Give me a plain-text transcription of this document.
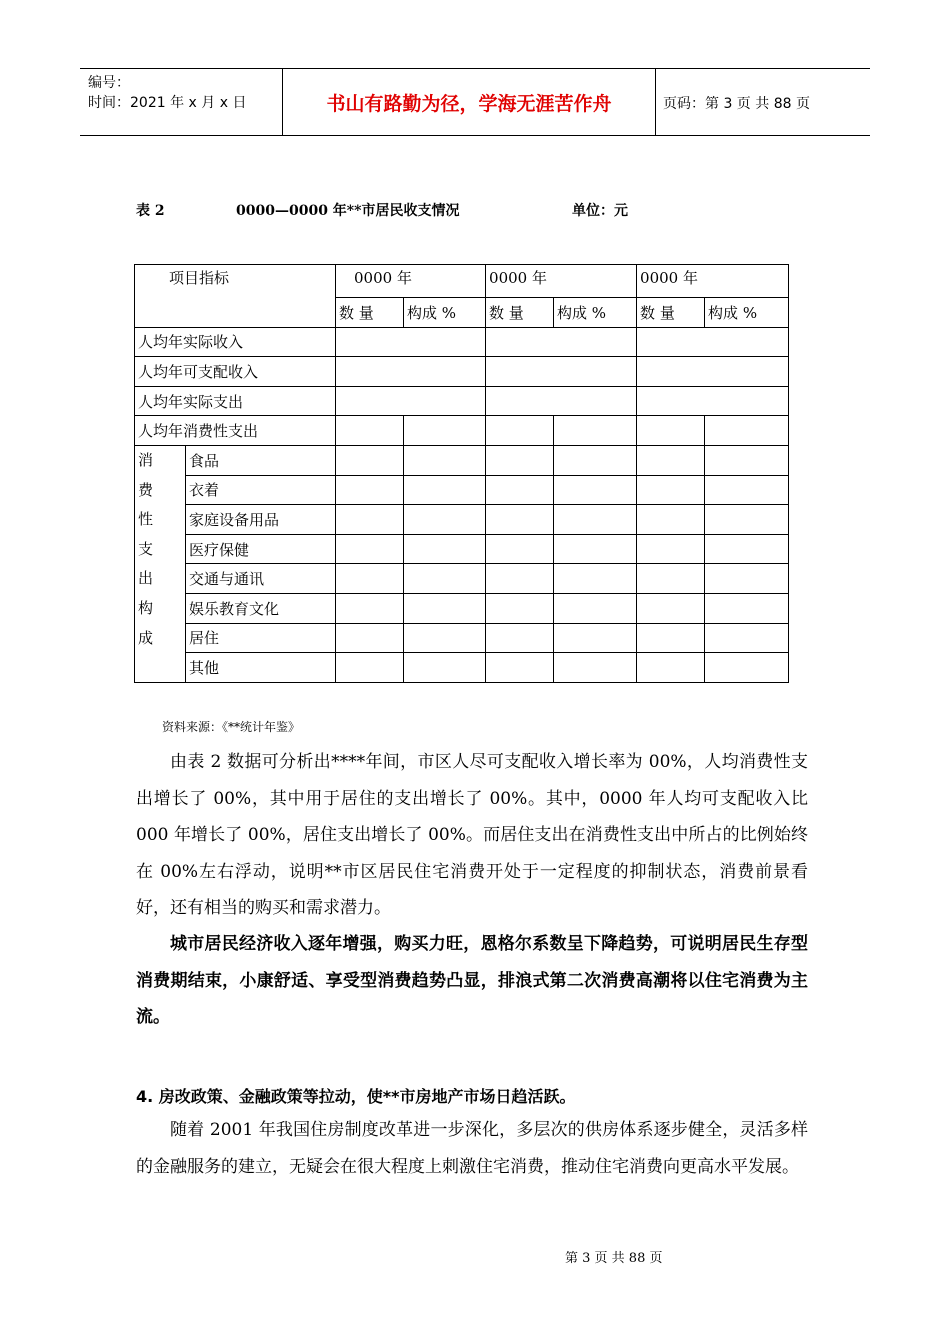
编号：
时间：2021 年 x 月 x 日	书山有路勤为径，学海无涯苦作舟	页码：第 3 页 共 88 页
表 2	0000—0000 年**市居民收支情况	单位：元
项目指标		0000 年		0000 年		0000 年	
		数 量	构成 %	数 量	构成 %	数 量	构成 %
人均年实际收入							
人均年可支配收入							
人均年实际支出							
人均年消费性支出							
消费性支出构成	食品						
	衣着						
	家庭设备用品						
	医疗保健						
	交通与通讯						
	娱乐教育文化						
	居住						
	其他						
资料来源：《**统计年鉴》

由表 2 数据可分析出****年间，市区人尽可支配收入增长率为 00%，人均消费性支出增长了 00%，其中用于居住的支出增长了 00%。其中，0000 年人均可支配收入比 000 年增长了 00%，居住支出增长了 00%。而居住支出在消费性支出中所占的比例始终在 00%左右浮动，说明**市区居民住宅消费开处于一定程度的抑制状态，消费前景看好，还有相当的购买和需求潜力。

城市居民经济收入逐年增强，购买力旺，恩格尔系数呈下降趋势，可说明居民生存型消费期结束，小康舒适、享受型消费趋势凸显，排浪式第二次消费高潮将以住宅消费为主流。

4. 房改政策、金融政策等拉动，使**市房地产市场日趋活跃。

随着 2001 年我国住房制度改革进一步深化，多层次的供房体系逐步健全，灵活多样的金融服务的建立，无疑会在很大程度上刺激住宅消费，推动住宅消费向更高水平发展。

第 3 页 共 88 页
